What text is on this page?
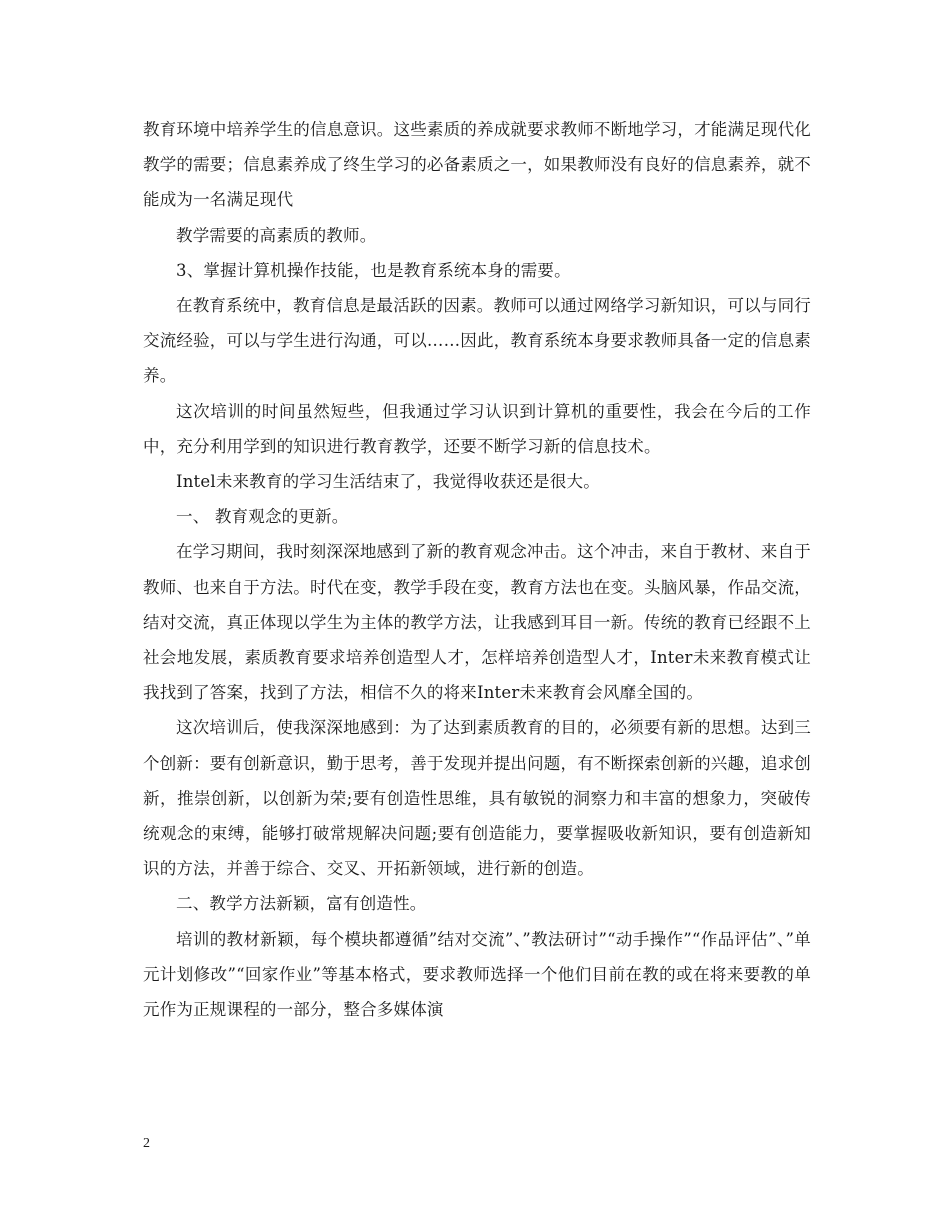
教育环境中培养学生的信息意识。这些素质的养成就要求教师不断地学习，才能满足现代化教学的需要；信息素养成了终生学习的必备素质之一，如果教师没有良好的信息素养，就不能成为一名满足现代

教学需要的高素质的教师。

3、掌握计算机操作技能，也是教育系统本身的需要。

在教育系统中，教育信息是最活跃的因素。教师可以通过网络学习新知识，可以与同行交流经验，可以与学生进行沟通，可以……因此，教育系统本身要求教师具备一定的信息素养。

这次培训的时间虽然短些，但我通过学习认识到计算机的重要性，我会在今后的工作中，充分利用学到的知识进行教育教学，还要不断学习新的信息技术。

Intel未来教育的学习生活结束了，我觉得收获还是很大。

一、 教育观念的更新。

在学习期间，我时刻深深地感到了新的教育观念冲击。这个冲击，来自于教材、来自于教师、也来自于方法。时代在变，教学手段在变，教育方法也在变。头脑风暴，作品交流，结对交流，真正体现以学生为主体的教学方法，让我感到耳目一新。传统的教育已经跟不上社会地发展，素质教育要求培养创造型人才，怎样培养创造型人才，Inter未来教育模式让我找到了答案，找到了方法，相信不久的将来Inter未来教育会风靡全国的。

这次培训后，使我深深地感到：为了达到素质教育的目的，必须要有新的思想。达到三个创新：要有创新意识，勤于思考，善于发现并提出问题，有不断探索创新的兴趣，追求创新，推崇创新，以创新为荣;要有创造性思维，具有敏锐的洞察力和丰富的想象力，突破传统观念的束缚，能够打破常规解决问题;要有创造能力，要掌握吸收新知识，要有创造新知识的方法，并善于综合、交叉、开拓新领域，进行新的创造。

二、教学方法新颖，富有创造性。

培训的教材新颖，每个模块都遵循”结对交流”、”教法研讨”“动手操作”“作品评估”、”单元计划修改”“回家作业”等基本格式，要求教师选择一个他们目前在教的或在将来要教的单元作为正规课程的一部分，整合多媒体演

2
